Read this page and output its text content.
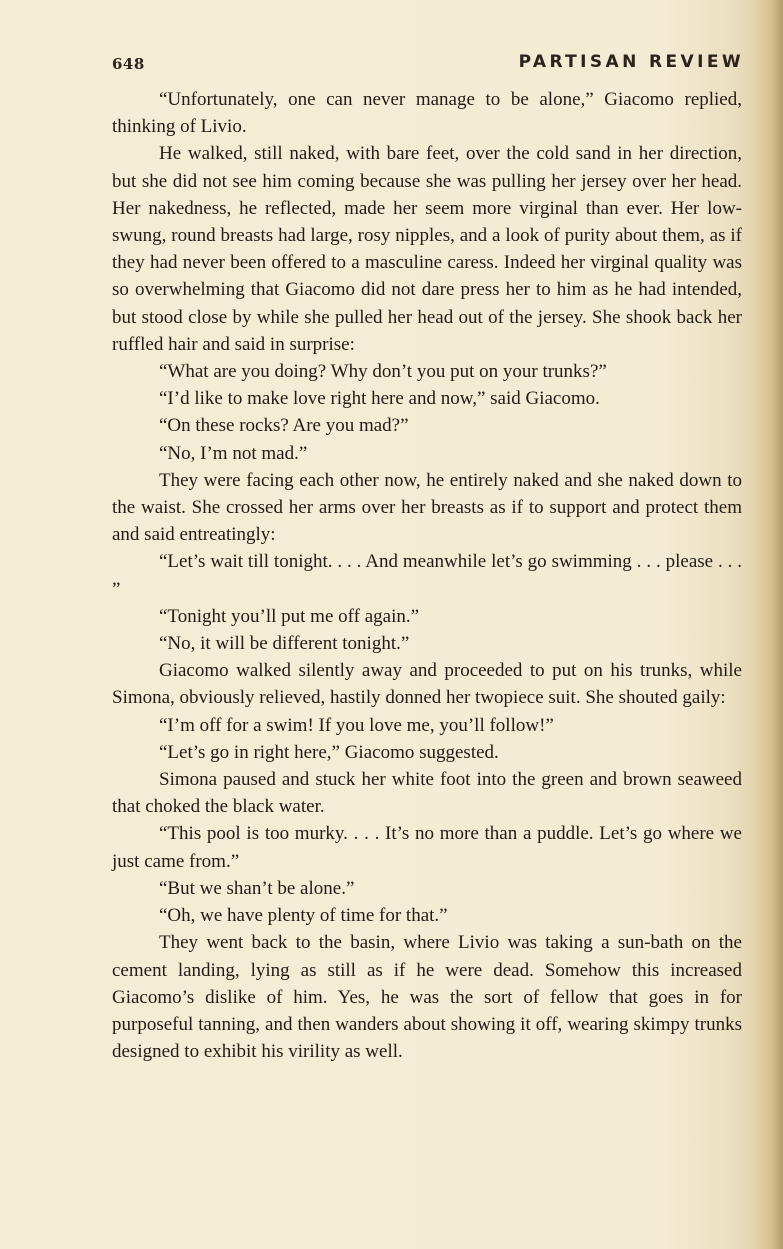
648	PARTISAN REVIEW

“Unfortunately, one can never manage to be alone,” Giacomo replied, thinking of Livio.

He walked, still naked, with bare feet, over the cold sand in her direction, but she did not see him coming because she was pulling her jersey over her head. Her nakedness, he reflected, made her seem more virginal than ever. Her low-swung, round breasts had large, rosy nipples, and a look of purity about them, as if they had never been offered to a masculine caress. Indeed her virginal quality was so overwhelming that Giacomo did not dare press her to him as he had intended, but stood close by while she pulled her head out of the jersey. She shook back her ruffled hair and said in surprise:

“What are you doing? Why don’t you put on your trunks?”

“I’d like to make love right here and now,” said Giacomo.

“On these rocks? Are you mad?”

“No, I’m not mad.”

They were facing each other now, he entirely naked and she naked down to the waist. She crossed her arms over her breasts as if to support and protect them and said entreatingly:

“Let’s wait till tonight. . . . And meanwhile let’s go swimming . . . please . . . ”

“Tonight you’ll put me off again.”

“No, it will be different tonight.”

Giacomo walked silently away and proceeded to put on his trunks, while Simona, obviously relieved, hastily donned her twopiece suit. She shouted gaily:

“I’m off for a swim! If you love me, you’ll follow!”

“Let’s go in right here,” Giacomo suggested.

Simona paused and stuck her white foot into the green and brown seaweed that choked the black water.

“This pool is too murky. . . . It’s no more than a puddle. Let’s go where we just came from.”

“But we shan’t be alone.”

“Oh, we have plenty of time for that.”

They went back to the basin, where Livio was taking a sun-bath on the cement landing, lying as still as if he were dead. Somehow this increased Giacomo’s dislike of him. Yes, he was the sort of fellow that goes in for purposeful tanning, and then wanders about showing it off, wearing skimpy trunks designed to exhibit his virility as well.
